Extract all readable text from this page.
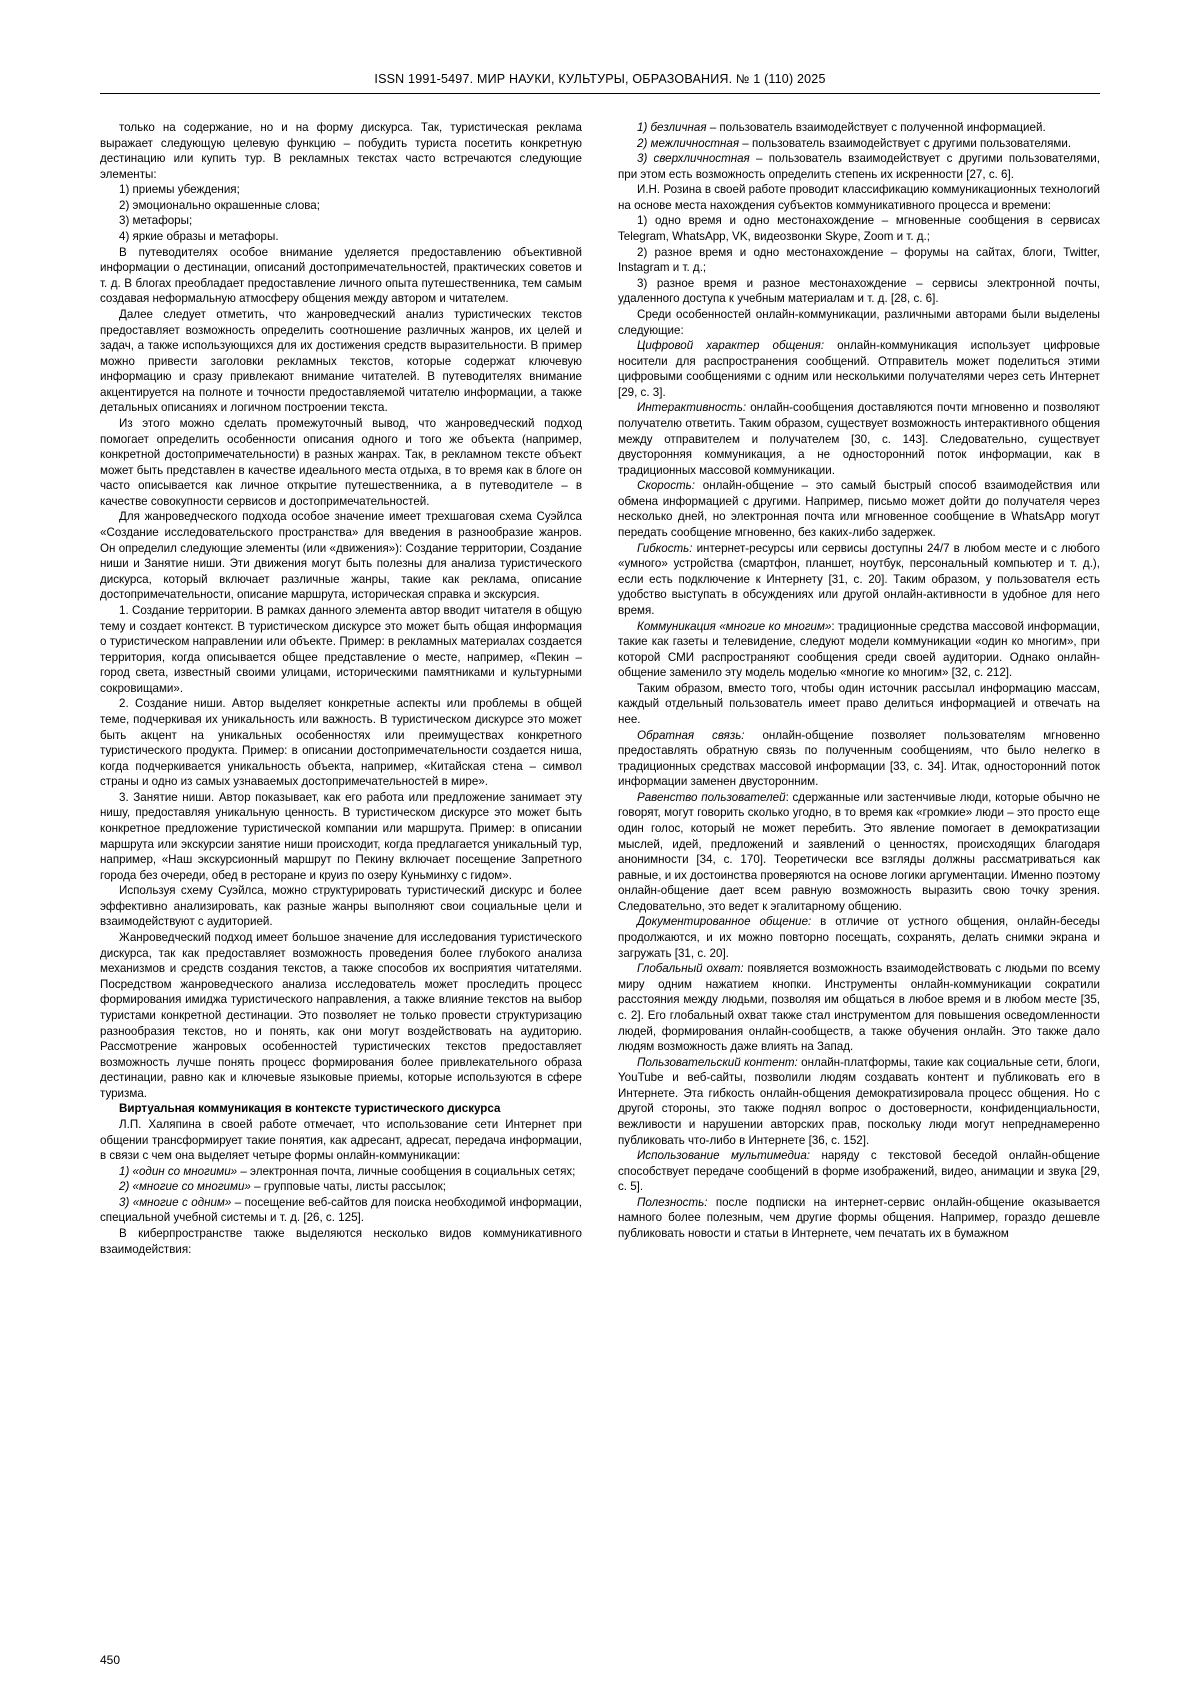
ISSN 1991-5497. МИР НАУКИ, КУЛЬТУРЫ, ОБРАЗОВАНИЯ. № 1 (110) 2025

только на содержание, но и на форму дискурса. Так, туристическая реклама выражает следующую целевую функцию – побудить туриста посетить конкретную дестинацию или купить тур. В рекламных текстах часто встречаются следующие элементы:

1) приемы убеждения;

2) эмоционально окрашенные слова;

3) метафоры;

4) яркие образы и метафоры.

В путеводителях особое внимание уделяется предоставлению объективной информации о дестинации, описаний достопримечательностей, практических советов и т. д. В блогах преобладает предоставление личного опыта путешественника, тем самым создавая неформальную атмосферу общения между автором и читателем.

Далее следует отметить, что жанроведческий анализ туристических текстов предоставляет возможность определить соотношение различных жанров, их целей и задач, а также использующихся для их достижения средств выразительности. В пример можно привести заголовки рекламных текстов, которые содержат ключевую информацию и сразу привлекают внимание читателей. В путеводителях внимание акцентируется на полноте и точности предоставляемой читателю информации, а также детальных описаниях и логичном построении текста.

Из этого можно сделать промежуточный вывод, что жанроведческий подход помогает определить особенности описания одного и того же объекта (например, конкретной достопримечательности) в разных жанрах. Так, в рекламном тексте объект может быть представлен в качестве идеального места отдыха, в то время как в блоге он часто описывается как личное открытие путешественника, а в путеводителе – в качестве совокупности сервисов и достопримечательностей.

Для жанроведческого подхода особое значение имеет трехшаговая схема Суэйлса «Создание исследовательского пространства» для введения в разнообразие жанров. Он определил следующие элементы (или «движения»): Создание территории, Создание ниши и Занятие ниши. Эти движения могут быть полезны для анализа туристического дискурса, который включает различные жанры, такие как реклама, описание достопримечательности, описание маршрута, историческая справка и экскурсия.

1. Создание территории. В рамках данного элемента автор вводит читателя в общую тему и создает контекст. В туристическом дискурсе это может быть общая информация о туристическом направлении или объекте. Пример: в рекламных материалах создается территория, когда описывается общее представление о месте, например, «Пекин – город света, известный своими улицами, историческими памятниками и культурными сокровищами».

2. Создание ниши. Автор выделяет конкретные аспекты или проблемы в общей теме, подчеркивая их уникальность или важность. В туристическом дискурсе это может быть акцент на уникальных особенностях или преимуществах конкретного туристического продукта. Пример: в описании достопримечательности создается ниша, когда подчеркивается уникальность объекта, например, «Китайская стена – символ страны и одно из самых узнаваемых достопримечательностей в мире».

3. Занятие ниши. Автор показывает, как его работа или предложение занимает эту нишу, предоставляя уникальную ценность. В туристическом дискурсе это может быть конкретное предложение туристической компании или маршрута. Пример: в описании маршрута или экскурсии занятие ниши происходит, когда предлагается уникальный тур, например, «Наш экскурсионный маршрут по Пекину включает посещение Запретного города без очереди, обед в ресторане и круиз по озеру Куньминху с гидом».

Используя схему Суэйлса, можно структурировать туристический дискурс и более эффективно анализировать, как разные жанры выполняют свои социальные цели и взаимодействуют с аудиторией.

Жанроведческий подход имеет большое значение для исследования туристического дискурса, так как предоставляет возможность проведения более глубокого анализа механизмов и средств создания текстов, а также способов их восприятия читателями. Посредством жанроведческого анализа исследователь может проследить процесс формирования имиджа туристического направления, а также влияние текстов на выбор туристами конкретной дестинации. Это позволяет не только провести структуризацию разнообразия текстов, но и понять, как они могут воздействовать на аудиторию. Рассмотрение жанровых особенностей туристических текстов предоставляет возможность лучше понять процесс формирования более привлекательного образа дестинации, равно как и ключевые языковые приемы, которые используются в сфере туризма.

Виртуальная коммуникация в контексте туристического дискурса

Л.П. Халяпина в своей работе отмечает, что использование сети Интернет при общении трансформирует такие понятия, как адресант, адресат, передача информации, в связи с чем она выделяет четыре формы онлайн-коммуникации:

1) «один со многими» – электронная почта, личные сообщения в социальных сетях;

2) «многие со многими» – групповые чаты, листы рассылок;

3) «многие с одним» – посещение веб-сайтов для поиска необходимой информации, специальной учебной системы и т. д. [26, с. 125].

В киберпространстве также выделяются несколько видов коммуникативного взаимодействия:

1) безличная – пользователь взаимодействует с полученной информацией.

2) межличностная – пользователь взаимодействует с другими пользователями.

3) сверхличностная – пользователь взаимодействует с другими пользователями, при этом есть возможность определить степень их искренности [27, с. 6].

И.Н. Розина в своей работе проводит классификацию коммуникационных технологий на основе места нахождения субъектов коммуникативного процесса и времени:

1) одно время и одно местонахождение – мгновенные сообщения в сервисах Telegram, WhatsApp, VK, видеозвонки Skype, Zoom и т. д.;

2) разное время и одно местонахождение – форумы на сайтах, блоги, Twitter, Instagram и т. д.;

3) разное время и разное местонахождение – сервисы электронной почты, удаленного доступа к учебным материалам и т. д. [28, с. 6].

Среди особенностей онлайн-коммуникации, различными авторами были выделены следующие:

Цифровой характер общения: онлайн-коммуникация использует цифровые носители для распространения сообщений. Отправитель может поделиться этими цифровыми сообщениями с одним или несколькими получателями через сеть Интернет [29, с. 3].

Интерактивность: онлайн-сообщения доставляются почти мгновенно и позволяют получателю ответить. Таким образом, существует возможность интерактивного общения между отправителем и получателем [30, с. 143]. Следовательно, существует двусторонняя коммуникация, а не односторонний поток информации, как в традиционных массовой коммуникации.

Скорость: онлайн-общение – это самый быстрый способ взаимодействия или обмена информацией с другими. Например, письмо может дойти до получателя через несколько дней, но электронная почта или мгновенное сообщение в WhatsApp могут передать сообщение мгновенно, без каких-либо задержек.

Гибкость: интернет-ресурсы или сервисы доступны 24/7 в любом месте и с любого «умного» устройства (смартфон, планшет, ноутбук, персональный компьютер и т. д.), если есть подключение к Интернету [31, с. 20]. Таким образом, у пользователя есть удобство выступать в обсуждениях или другой онлайн-активности в удобное для него время.

Коммуникация «многие ко многим»: традиционные средства массовой информации, такие как газеты и телевидение, следуют модели коммуникации «один ко многим», при которой СМИ распространяют сообщения среди своей аудитории. Однако онлайн-общение заменило эту модель моделью «многие ко многим» [32, с. 212].

Таким образом, вместо того, чтобы один источник рассылал информацию массам, каждый отдельный пользователь имеет право делиться информацией и отвечать на нее.

Обратная связь: онлайн-общение позволяет пользователям мгновенно предоставлять обратную связь по полученным сообщениям, что было нелегко в традиционных средствах массовой информации [33, с. 34]. Итак, односторонний поток информации заменен двусторонним.

Равенство пользователей: сдержанные или застенчивые люди, которые обычно не говорят, могут говорить сколько угодно, в то время как «громкие» люди – это просто еще один голос, который не может перебить. Это явление помогает в демократизации мыслей, идей, предложений и заявлений о ценностях, происходящих благодаря анонимности [34, с. 170]. Теоретически все взгляды должны рассматриваться как равные, и их достоинства проверяются на основе логики аргументации. Именно поэтому онлайн-общение дает всем равную возможность выразить свою точку зрения. Следовательно, это ведет к эгалитарному общению.

Документированное общение: в отличие от устного общения, онлайн-беседы продолжаются, и их можно повторно посещать, сохранять, делать снимки экрана и загружать [31, с. 20].

Глобальный охват: появляется возможность взаимодействовать с людьми по всему миру одним нажатием кнопки. Инструменты онлайн-коммуникации сократили расстояния между людьми, позволяя им общаться в любое время и в любом месте [35, с. 2]. Его глобальный охват также стал инструментом для повышения осведомленности людей, формирования онлайн-сообществ, а также обучения онлайн. Это также дало людям возможность даже влиять на Запад.

Пользовательский контент: онлайн-платформы, такие как социальные сети, блоги, YouTube и веб-сайты, позволили людям создавать контент и публиковать его в Интернете. Эта гибкость онлайн-общения демократизировала процесс общения. Но с другой стороны, это также поднял вопрос о достоверности, конфиденциальности, вежливости и нарушении авторских прав, поскольку люди могут непреднамеренно публиковать что-либо в Интернете [36, с. 152].

Использование мультимедиа: наряду с текстовой беседой онлайн-общение способствует передаче сообщений в форме изображений, видео, анимации и звука [29, с. 5].

Полезность: после подписки на интернет-сервис онлайн-общение оказывается намного более полезным, чем другие формы общения. Например, гораздо дешевле публиковать новости и статьи в Интернете, чем печатать их в бумажном

450
